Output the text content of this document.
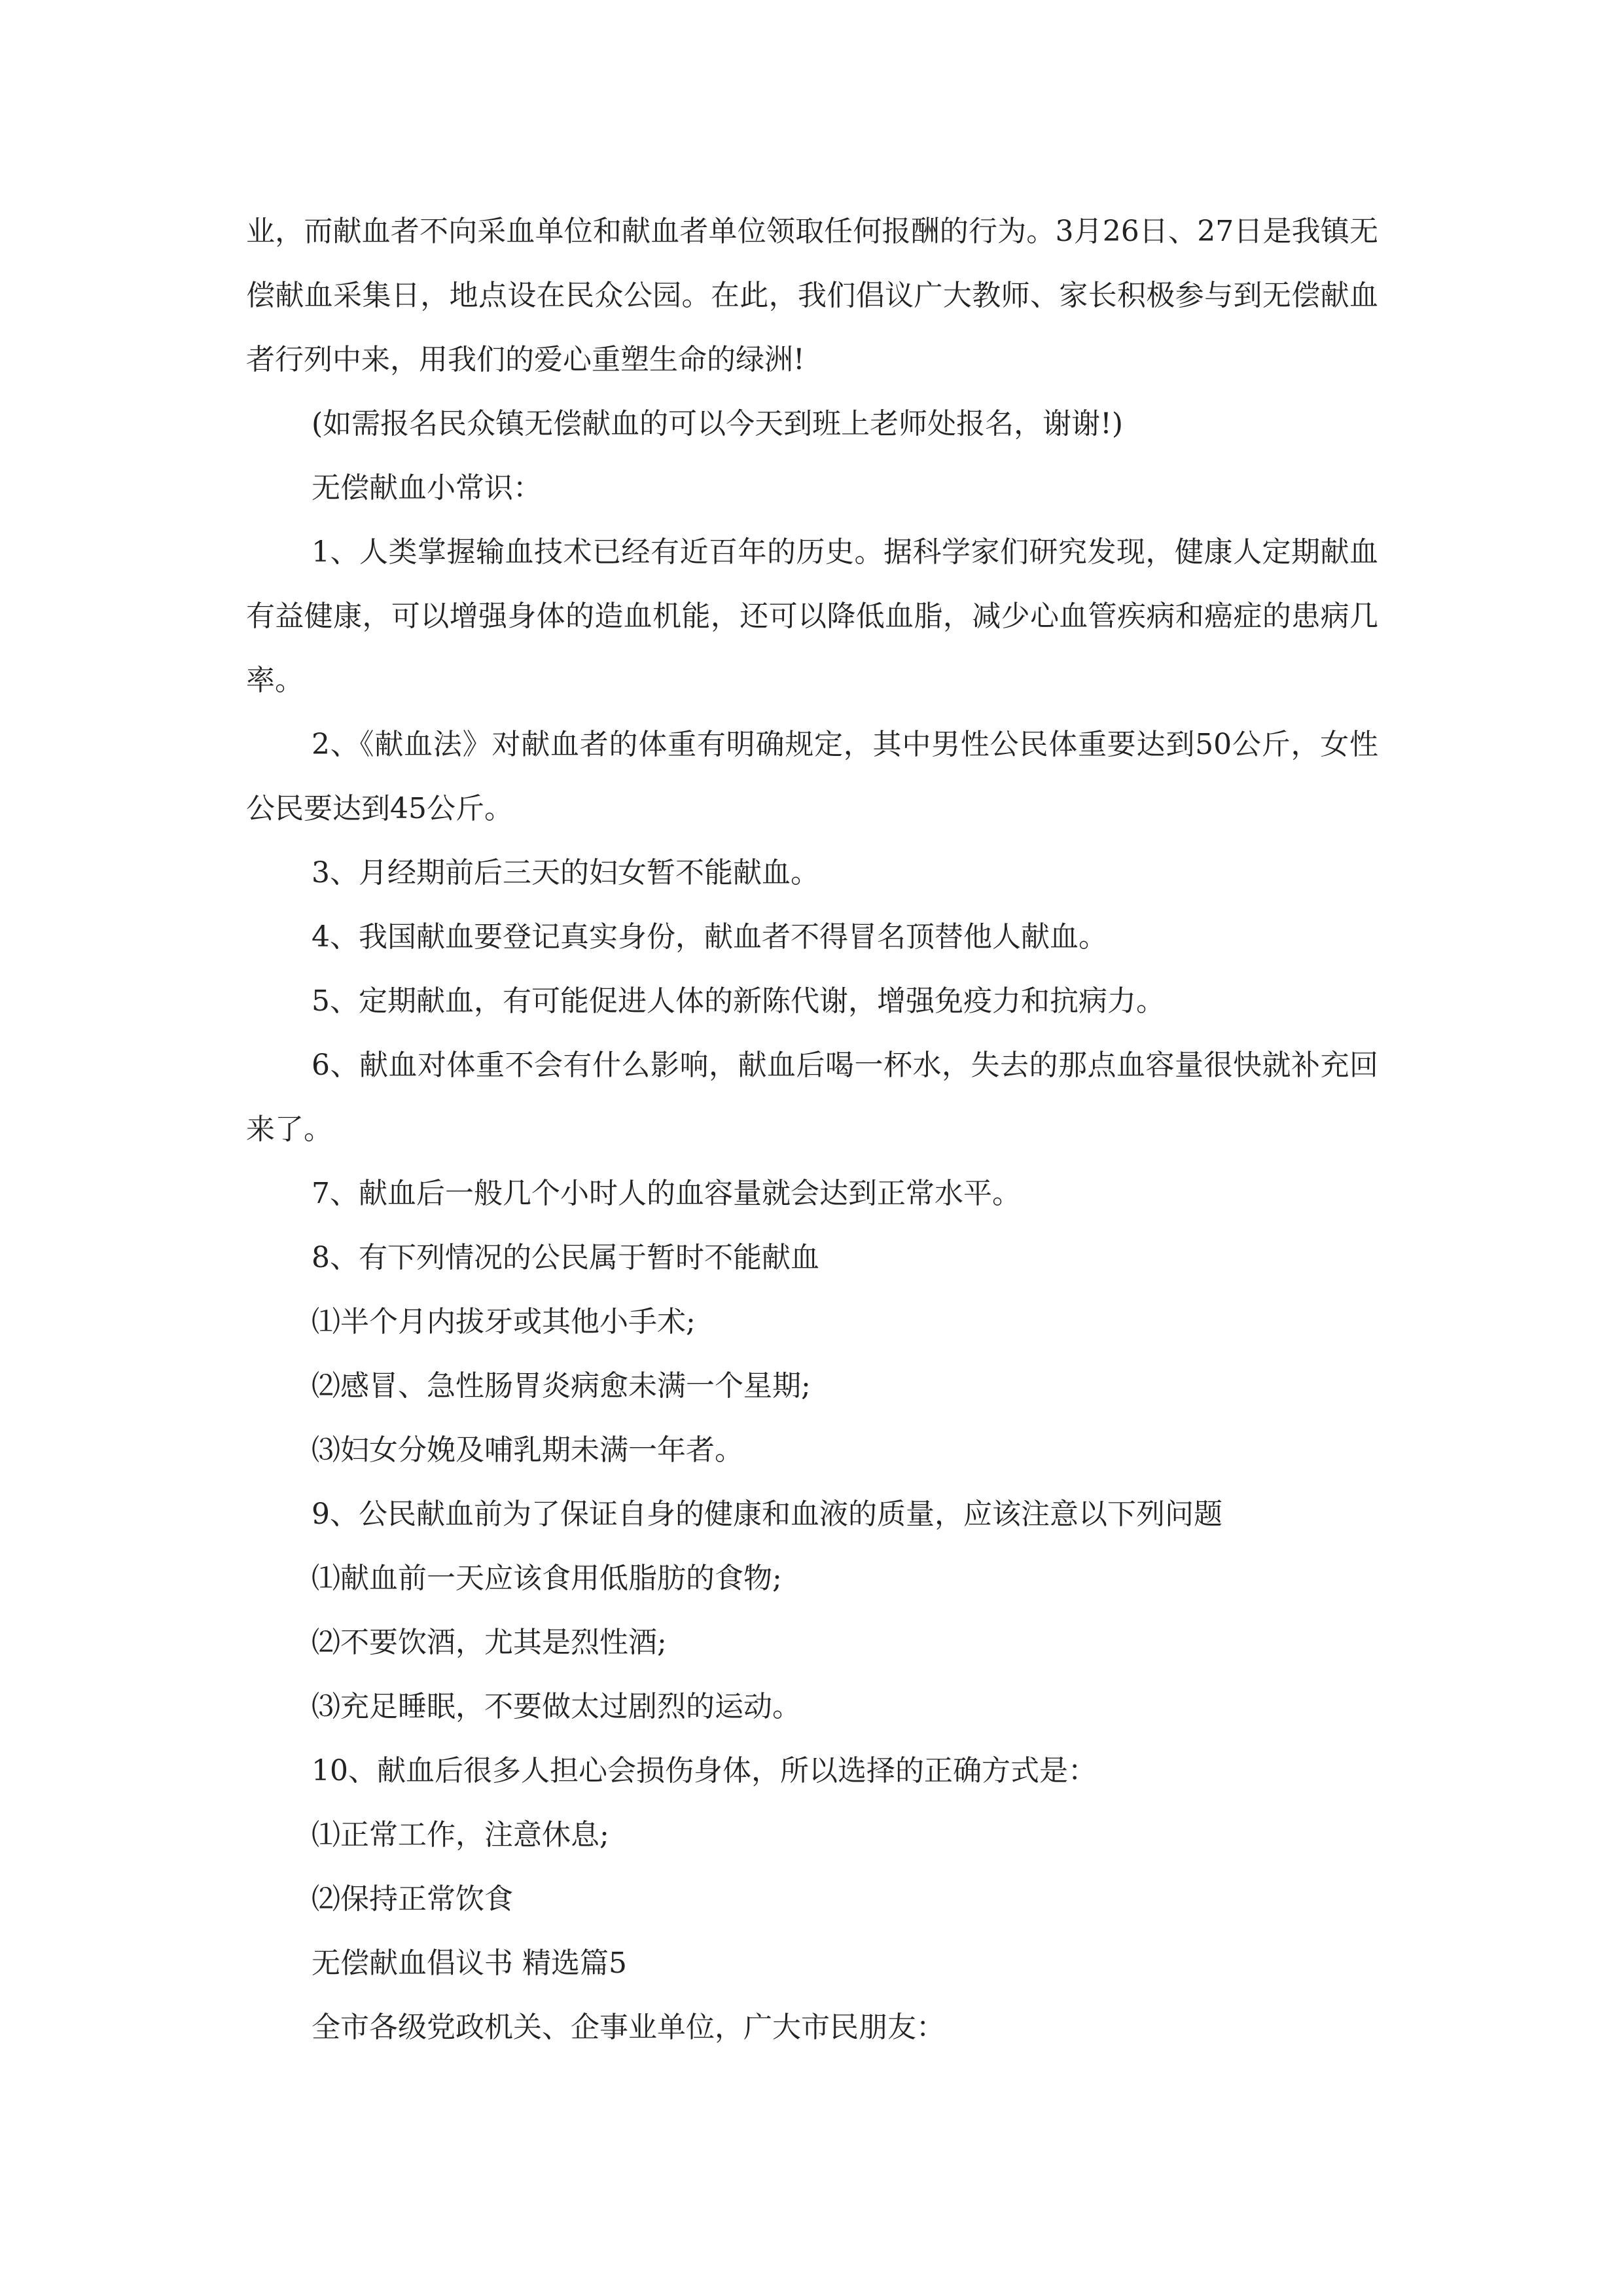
业，而献血者不向采血单位和献血者单位领取任何报酬的行为。3月26日、27日是我镇无偿献血采集日，地点设在民众公园。在此，我们倡议广大教师、家长积极参与到无偿献血者行列中来，用我们的爱心重塑生命的绿洲!

(如需报名民众镇无偿献血的可以今天到班上老师处报名，谢谢!)

无偿献血小常识：

1、人类掌握输血技术已经有近百年的历史。据科学家们研究发现，健康人定期献血有益健康，可以增强身体的造血机能，还可以降低血脂，减少心血管疾病和癌症的患病几率。

2、《献血法》对献血者的体重有明确规定，其中男性公民体重要达到50公斤，女性公民要达到45公斤。

3、月经期前后三天的妇女暂不能献血。

4、我国献血要登记真实身份，献血者不得冒名顶替他人献血。

5、定期献血，有可能促进人体的新陈代谢，增强免疫力和抗病力。

6、献血对体重不会有什么影响，献血后喝一杯水，失去的那点血容量很快就补充回来了。

7、献血后一般几个小时人的血容量就会达到正常水平。

8、有下列情况的公民属于暂时不能献血

⑴半个月内拔牙或其他小手术;

⑵感冒、急性肠胃炎病愈未满一个星期;

⑶妇女分娩及哺乳期未满一年者。

9、公民献血前为了保证自身的健康和血液的质量，应该注意以下列问题

⑴献血前一天应该食用低脂肪的食物;

⑵不要饮酒，尤其是烈性酒;

⑶充足睡眠，不要做太过剧烈的运动。

10、献血后很多人担心会损伤身体，所以选择的正确方式是：

⑴正常工作，注意休息;

⑵保持正常饮食

无偿献血倡议书 精选篇5

全市各级党政机关、企事业单位，广大市民朋友：
